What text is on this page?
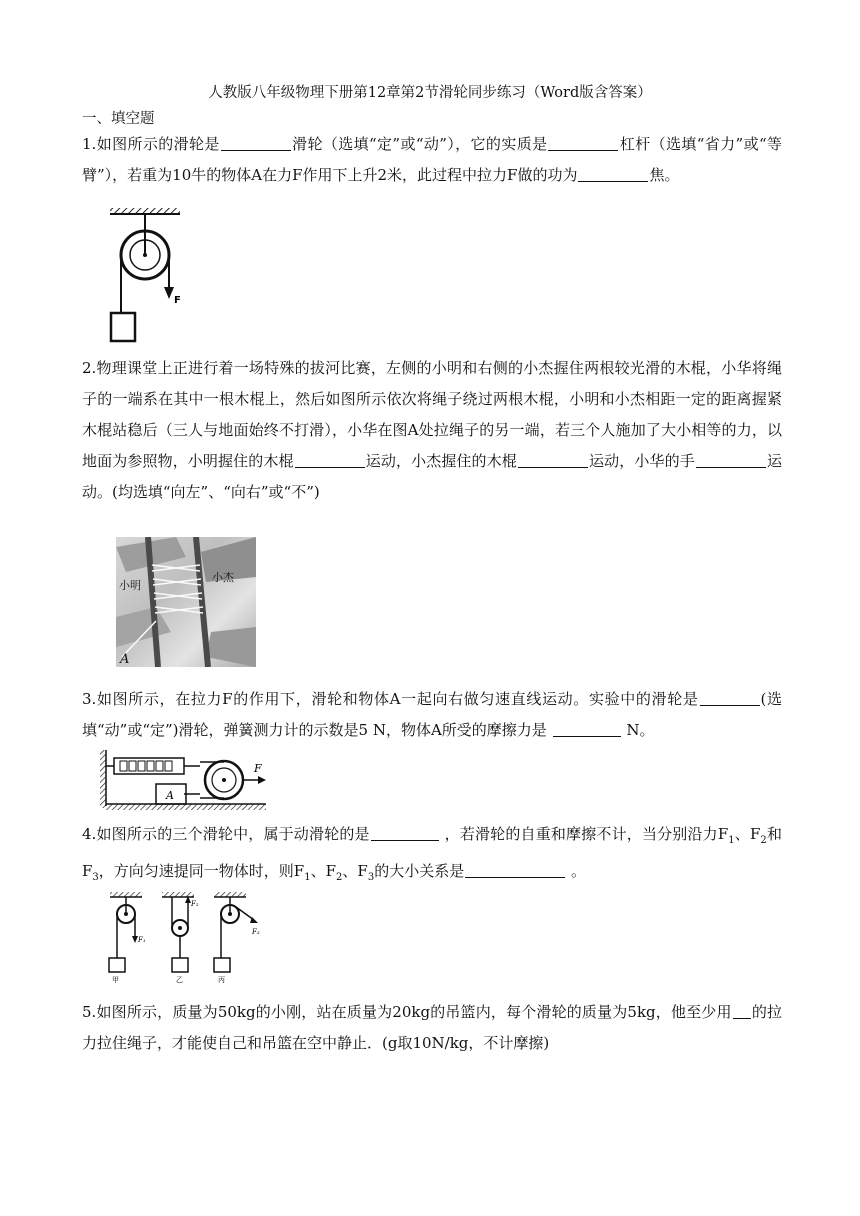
人教版八年级物理下册第12章第2节滑轮同步练习（Word版含答案）
一、填空题
1.如图所示的滑轮是	滑轮（选填“定”或“动”），它的实质是	杠杆（选填“省力”或“等臂”），若重为10牛的物体A在力F作用下上升2米，此过程中拉力F做的功为	焦。
F
2.物理课堂上正进行着一场特殊的拔河比赛，左侧的小明和右侧的小杰握住两根较光滑的木棍，小华将绳子的一端系在其中一根木棍上，然后如图所示依次将绳子绕过两根木棍，小明和小杰相距一定的距离握紧木棍站稳后（三人与地面始终不打滑），小华在图A处拉绳子的另一端，若三个人施加了大小相等的力，以地面为参照物，小明握住的木棍	运动，小杰握住的木棍	运动，小华的手	运动。(均选填“向左”、“向右”或“不”)
小明
小杰
A
3.如图所示，在拉力F的作用下，滑轮和物体A一起向右做匀速直线运动。实验中的滑轮是	(选填“动”或“定”)滑轮，弹簧测力计的示数是5 N，物体A所受的摩擦力是	N。
A
F
4.如图所示的三个滑轮中，属于动滑轮的是	，若滑轮的自重和摩擦不计，当分别沿力$F_1$、$F_2$和$F_3$，方向匀速提同一物体时，则$F_1$、$F_2$、$F_3$的大小关系是	。
F₁
甲
F₂
乙
F₃
丙
5.如图所示，质量为50kg的小刚，站在质量为20kg的吊篮内，每个滑轮的质量为5kg，他至少用 的拉力拉住绳子，才能使自己和吊篮在空中静止．(g取10N/kg，不计摩擦)
